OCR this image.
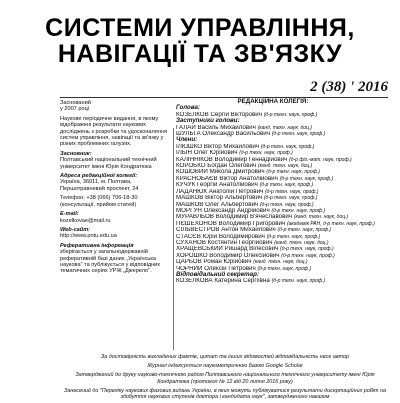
СИСТЕМИ УПРАВЛІННЯ,
НАВІГАЦІЇ ТА ЗВ'ЯЗКУ
2 (38) ' 2016
Заснований
у 2007 році
Наукове періодичне видання, в якому відображені результати наукових досліджень з розробки та удосконалення систем управління, навігації та зв'язку у різних проблемних галузях.
Засновник:
Полтавський національний технічний університет імені Юрія Кондратюка
Адреса редакційної колегії:
Україна, 36011, м. Полтава, Першотравневий проспект, 24
Телефон: +38 (066) 706-18-30 (консультації, прийом статей)
E-mail:
kozelkovae@mail.ru
Web-сайт:
http://www.pntu.edu.ua
Реферативна інформація
зберігається у загальнодержавній реферативній базі даних „Українська наукова" та публікується у відповідних тематичних серіях УРЖ „Джерело".
РЕДАКЦІЙНА КОЛЕГІЯ:
Голова:
КОЗЕЛКОВ Сергій Вікторович (д-р техн. наук, проф.)
Заступники голови:
ГАЛАЙ Василь Михайлович (канд. техн. наук, доц.)
ШУЛЬГА Олександр Васильович (д-р техн. наук, проф.)
Члени:
ІЛЮШКО Віктор Михайлович (д-р техн. наук, проф.)
ІЛЬЇН Олег Юрійович (д-р техн. наук, проф.)
КАЛІННІКОВ Володимир Геннадійович (д-р фіз.-мат. наук, проф.)
КОРОБКО Богдан Олегович (канд. техн. наук, доц.)
КОШОВИЙ Микола Дмитрович (д-р техн. наук, проф.)
КРАСНОБАЄВ Віктор Анатолійович (д-р техн. наук, проф.)
КУЧУК Георгій Анатолійович (д-р техн. наук, проф.)
ЛАДАНЮК Анатолій Петрович (д-р техн. наук, проф.)
МАШКОВ Віктор Альбертович (д-р техн. наук, проф.)
МАШКОВ Олег Альбертович (д-р техн. наук, проф.)
МОРГУН Олександр Андрійович (д-р техн. наук, проф.)
МУРАВЛЬОВ Володимир В'ячеславович (канд. техн. наук, доц.)
ПЄШЕХОНОВ Володимир Григорович (академік РАН, д-р техн. наук, проф.)
СІЛЬВЕСТРОВ Антон Михайлович (д-р техн. наук, проф.)
СТАСЄВ Юрій Володимирович (д-р техн. наук, проф.)
СУХАНОВ Костянтин Георгійович (канд. техн. наук, доц.)
ХРАЩЕВСЬКИЙ Ришард Вілесович (д-р техн. наук, проф.)
ХОРОШКО Володимир Олексійович (д-р техн. наук, проф.)
ЦАРЬОВ Роман Юрійович (канд. техн. наук, доц.)
ЧОРНИЙ Олексій Петрович (д-р техн. наук, проф.)
Відповідальний секретар:
КОЗЕЛКОВА Катерина Сергіївна (д-р техн. наук, проф.)
За достовірність викладених фактів, цитат та інших відомостей відповідальність несе автор
Журнал індексується наукометричною базою Google Scholar
Затверджений до друку науково-технічною радою Полтавського національного технічного університету імені Юрія Кондратюка (протокол № 12 від 20 липня 2016 року)
Занесений до "Переліку наукових фахових видань України, в яких можуть публікуватися результати дисертаційних робіт на здобуття наукових ступенів доктора і кандидата наук", затвердженого наказом
